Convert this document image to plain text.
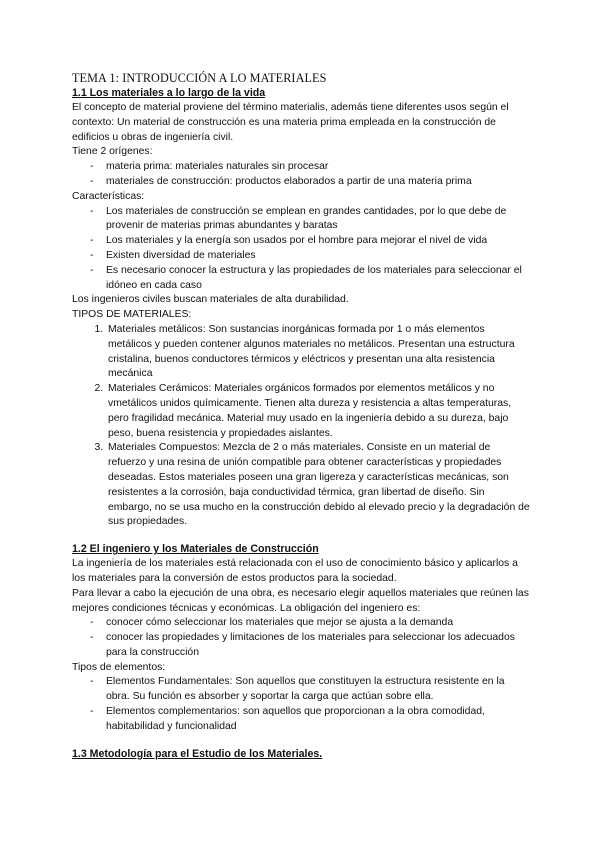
TEMA 1: INTRODUCCIÓN A LO MATERIALES
1.1 Los materiales a lo largo de la vida

El concepto de material proviene del término materialis, además tiene diferentes usos según el contexto: Un material de construcción es una materia prima empleada en la construcción de edificios u obras de ingeniería civil.

Tiene 2 orígenes:

- materia prima: materiales naturales sin procesar
- materiales de construcción: productos elaborados a partir de una materia prima

Características:

- Los materiales de construcción se emplean en grandes cantidades, por lo que debe de provenir de materias primas abundantes y baratas
- Los materiales y la energía son usados por el hombre para mejorar el nivel de vida
- Existen diversidad de materiales
- Es necesario conocer la estructura y las propiedades de los materiales para seleccionar el idóneo en cada caso

Los ingenieros civiles buscan materiales de alta durabilidad.

TIPOS DE MATERIALES:

1. Materiales metálicos: Son sustancias inorgánicas formada por 1 o más elementos metálicos y pueden contener algunos materiales no metálicos. Presentan una estructura cristalina, buenos conductores térmicos y eléctricos y presentan una alta resistencia mecánica
2. Materiales Cerámicos: Materiales orgánicos formados por elementos metálicos y no vmetálicos unidos químicamente. Tienen alta dureza y resistencia a altas temperaturas, pero fragilidad mecánica. Material muy usado en la ingeniería debido a su dureza, bajo peso, buena resistencia y propiedades aislantes.
3. Materiales Compuestos: Mezcla de 2 o más materiales. Consiste en un material de refuerzo y una resina de unión compatible para obtener características y propiedades deseadas. Estos materiales poseen una gran ligereza y características mecánicas, son resistentes a la corrosión, baja conductividad térmica, gran libertad de diseño. Sin embargo, no se usa mucho en la construcción debido al elevado precio y la degradación de sus propiedades.
1.2 El ingeniero y los Materiales de Construcción

La ingeniería de los materiales está relacionada con el uso de conocimiento básico y aplicarlos a los materiales para la conversión de estos productos para la sociedad.

Para llevar a cabo la ejecución de una obra, es necesario elegir aquellos materiales que reúnen las mejores condiciones técnicas y económicas. La obligación del ingeniero es:

- conocer cómo seleccionar los materiales que mejor se ajusta a la demanda
- conocer las propiedades y limitaciones de los materiales para seleccionar los adecuados para la construcción

Tipos de elementos:

- Elementos Fundamentales: Son aquellos que constituyen la estructura resistente en la obra. Su función es absorber y soportar la carga que actúan sobre ella.
- Elementos complementarios: son aquellos que proporcionan a la obra comodidad, habitabilidad y funcionalidad
1.3 Metodología para el Estudio de los Materiales.
